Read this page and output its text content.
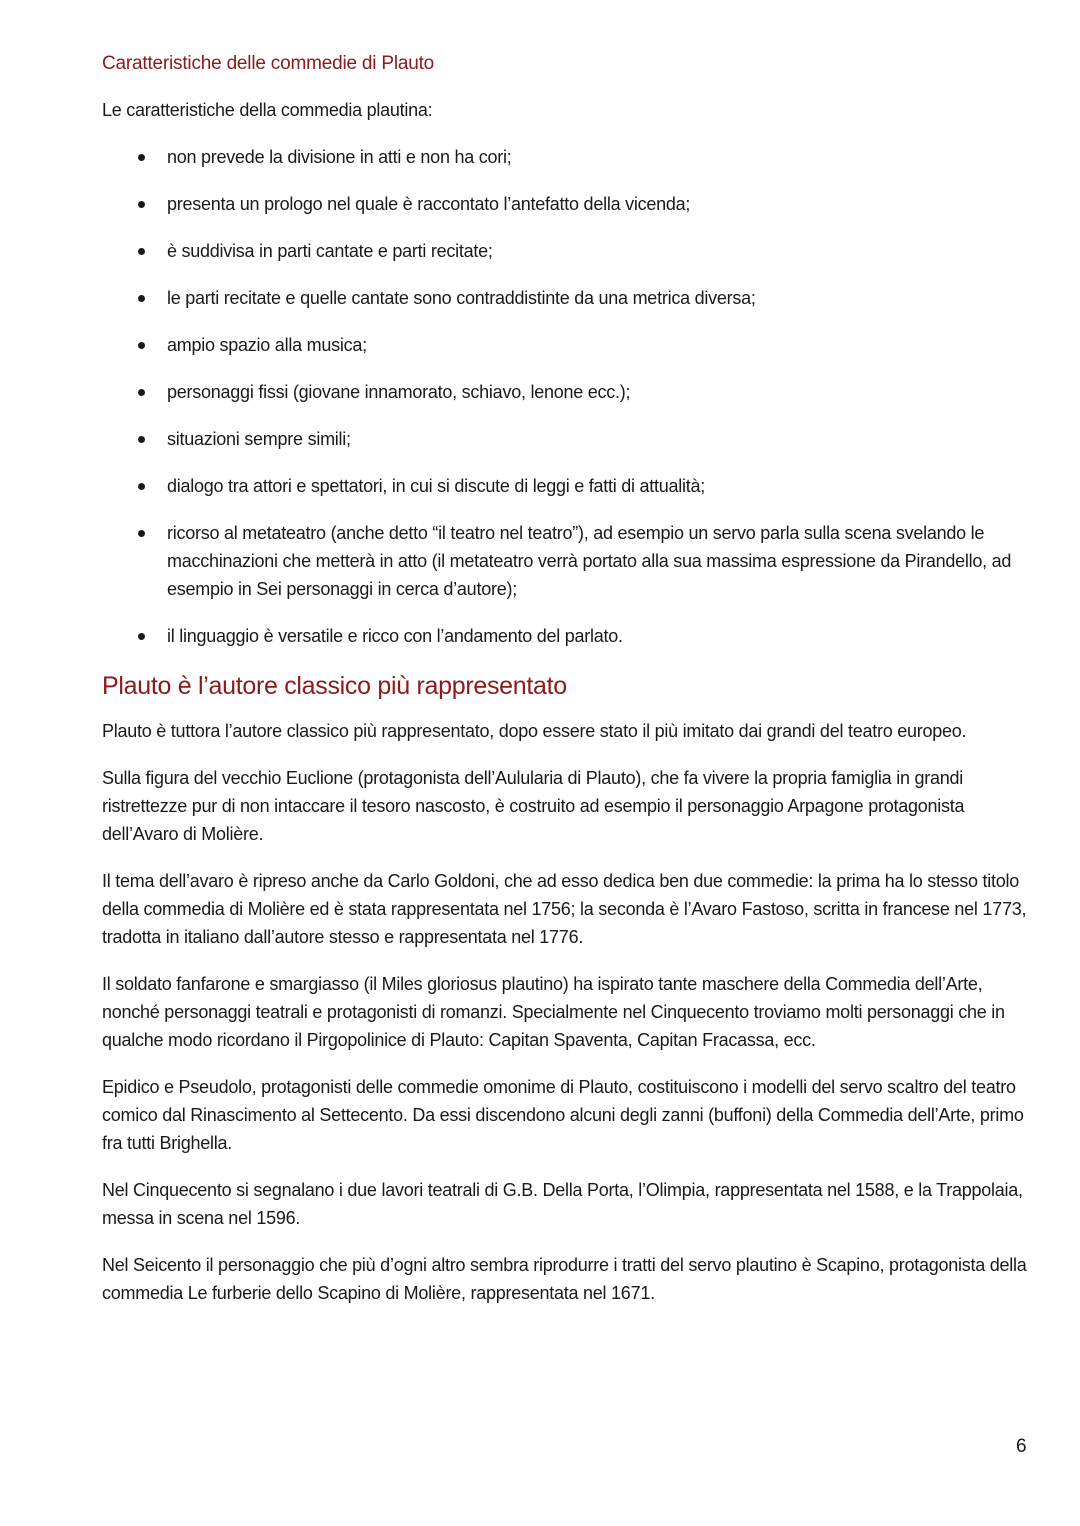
Caratteristiche delle commedie di Plauto

Le caratteristiche della commedia plautina:

non prevede la divisione in atti e non ha cori;
presenta un prologo nel quale è raccontato l’antefatto della vicenda;
è suddivisa in parti cantate e parti recitate;
le parti recitate e quelle cantate sono contraddistinte da una metrica diversa;
ampio spazio alla musica;
personaggi fissi (giovane innamorato, schiavo, lenone ecc.);
situazioni sempre simili;
dialogo tra attori e spettatori, in cui si discute di leggi e fatti di attualità;
ricorso al metateatro (anche detto “il teatro nel teatro”), ad esempio un servo parla sulla scena svelando le macchinazioni che metterà in atto (il metateatro verrà portato alla sua massima espressione da Pirandello, ad esempio in Sei personaggi in cerca d’autore);
il linguaggio è versatile e ricco con l’andamento del parlato.
Plauto è l’autore classico più rappresentato

Plauto è tuttora l’autore classico più rappresentato, dopo essere stato il più imitato dai grandi del teatro europeo.

Sulla figura del vecchio Euclione (protagonista dell’Aulularia di Plauto), che fa vivere la propria famiglia in grandi ristrettezze pur di non intaccare il tesoro nascosto, è costruito ad esempio il personaggio Arpagone protagonista dell’Avaro di Molière.

Il tema dell’avaro è ripreso anche da Carlo Goldoni, che ad esso dedica ben due commedie: la prima ha lo stesso titolo della commedia di Molière ed è stata rappresentata nel 1756; la seconda è l’Avaro Fastoso, scritta in francese nel 1773, tradotta in italiano dall’autore stesso e rappresentata nel 1776.

Il soldato fanfarone e smargiasso (il Miles gloriosus plautino) ha ispirato tante maschere della Commedia dell’Arte, nonché personaggi teatrali e protagonisti di romanzi. Specialmente nel Cinquecento troviamo molti personaggi che in qualche modo ricordano il Pirgopolinice di Plauto: Capitan Spaventa, Capitan Fracassa, ecc.

Epidico e Pseudolo, protagonisti delle commedie omonime di Plauto, costituiscono i modelli del servo scaltro del teatro comico dal Rinascimento al Settecento. Da essi discendono alcuni degli zanni (buffoni) della Commedia dell’Arte, primo fra tutti Brighella.

Nel Cinquecento si segnalano i due lavori teatrali di G.B. Della Porta, l’Olimpia, rappresentata nel 1588, e la Trappolaia, messa in scena nel 1596.

Nel Seicento il personaggio che più d’ogni altro sembra riprodurre i tratti del servo plautino è Scapino, protagonista della commedia Le furberie dello Scapino di Molière, rappresentata nel 1671.

6
